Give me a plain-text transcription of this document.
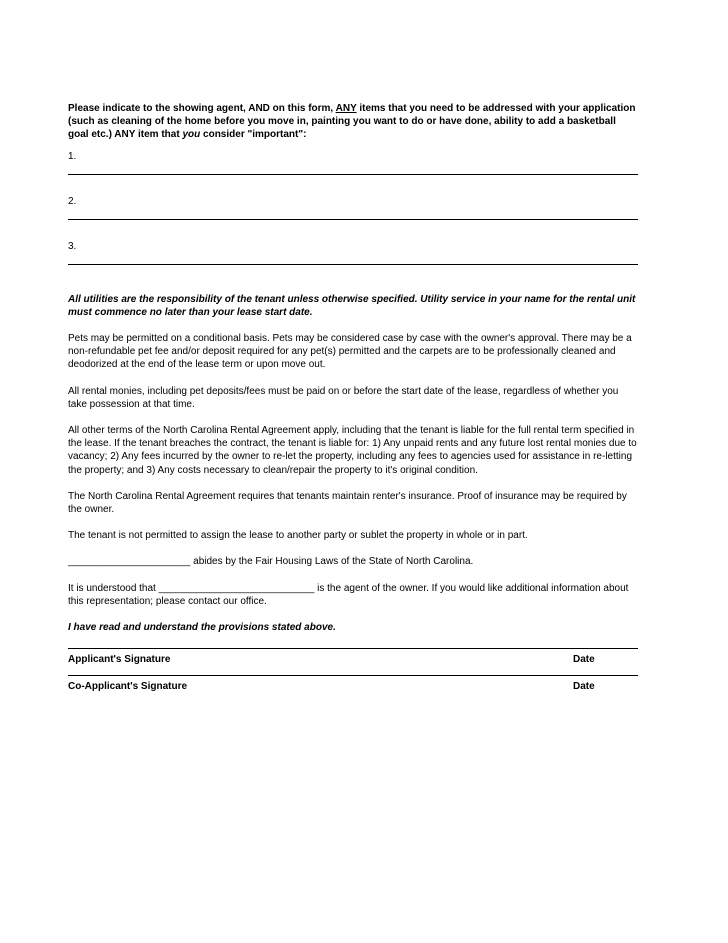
Please indicate to the showing agent, AND on this form, ANY items that you need to be addressed with your application (such as cleaning of the home before you move in, painting you want to do or have done, ability to add a basketball goal etc.) ANY item that you consider "important":

1.
2.
3.

All utilities are the responsibility of the tenant unless otherwise specified. Utility service in your name for the rental unit must commence no later than your lease start date.

Pets may be permitted on a conditional basis. Pets may be considered case by case with the owner's approval. There may be a non-refundable pet fee and/or deposit required for any pet(s) permitted and the carpets are to be professionally cleaned and deodorized at the end of the lease term or upon move out.

All rental monies, including pet deposits/fees must be paid on or before the start date of the lease, regardless of whether you take possession at that time.

All other terms of the North Carolina Rental Agreement apply, including that the tenant is liable for the full rental term specified in the lease. If the tenant breaches the contract, the tenant is liable for: 1) Any unpaid rents and any future lost rental monies due to vacancy; 2) Any fees incurred by the owner to re-let the property, including any fees to agencies used for assistance in re-letting the property; and 3) Any costs necessary to clean/repair the property to it's original condition.

The North Carolina Rental Agreement requires that tenants maintain renter's insurance. Proof of insurance may be required by the owner.

The tenant is not permitted to assign the lease to another party or sublet the property in whole or in part.

______________________ abides by the Fair Housing Laws of the State of North Carolina.

It is understood that ____________________________ is the agent of the owner. If you would like additional information about this representation; please contact our office.

I have read and understand the provisions stated above.

Applicant's Signature	Date
Co-Applicant's Signature	Date
